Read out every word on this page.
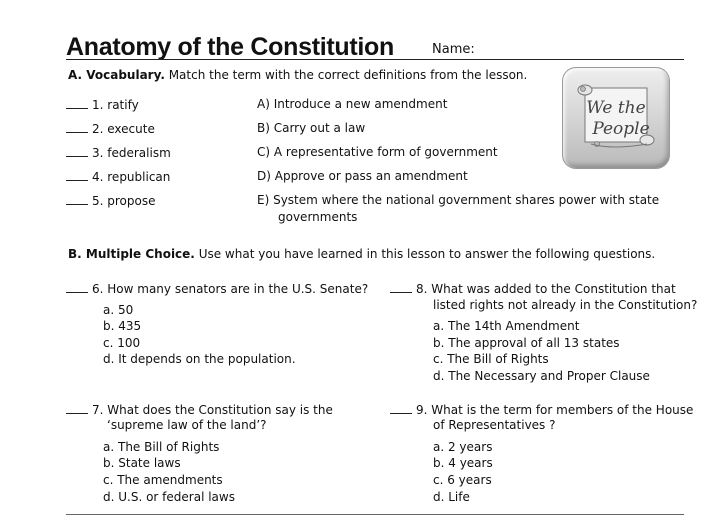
Anatomy of the Constitution	Name:
A. Vocabulary. Match the term with the correct definitions from the lesson.
1. ratify
2. execute
3. federalism
4. republican
5. propose
A) Introduce a new amendment
B) Carry out a law
C) A representative form of government
D) Approve or pass an amendment
E) System where the national government shares power with state
governments
We the
People
B. Multiple Choice. Use what you have learned in this lesson to answer the following questions.
6. How many senators are in the U.S. Senate?
a. 50
b. 435
c. 100
d. It depends on the population.
7. What does the Constitution say is the
‘supreme law of the land’?
a. The Bill of Rights
b. State laws
c. The amendments
d. U.S. or federal laws
8. What was added to the Constitution that
listed rights not already in the Constitution?
a. The 14th Amendment
b. The approval of all 13 states
c. The Bill of Rights
d. The Necessary and Proper Clause
9. What is the term for members of the House
of Representatives ?
a. 2 years
b. 4 years
c. 6 years
d. Life
